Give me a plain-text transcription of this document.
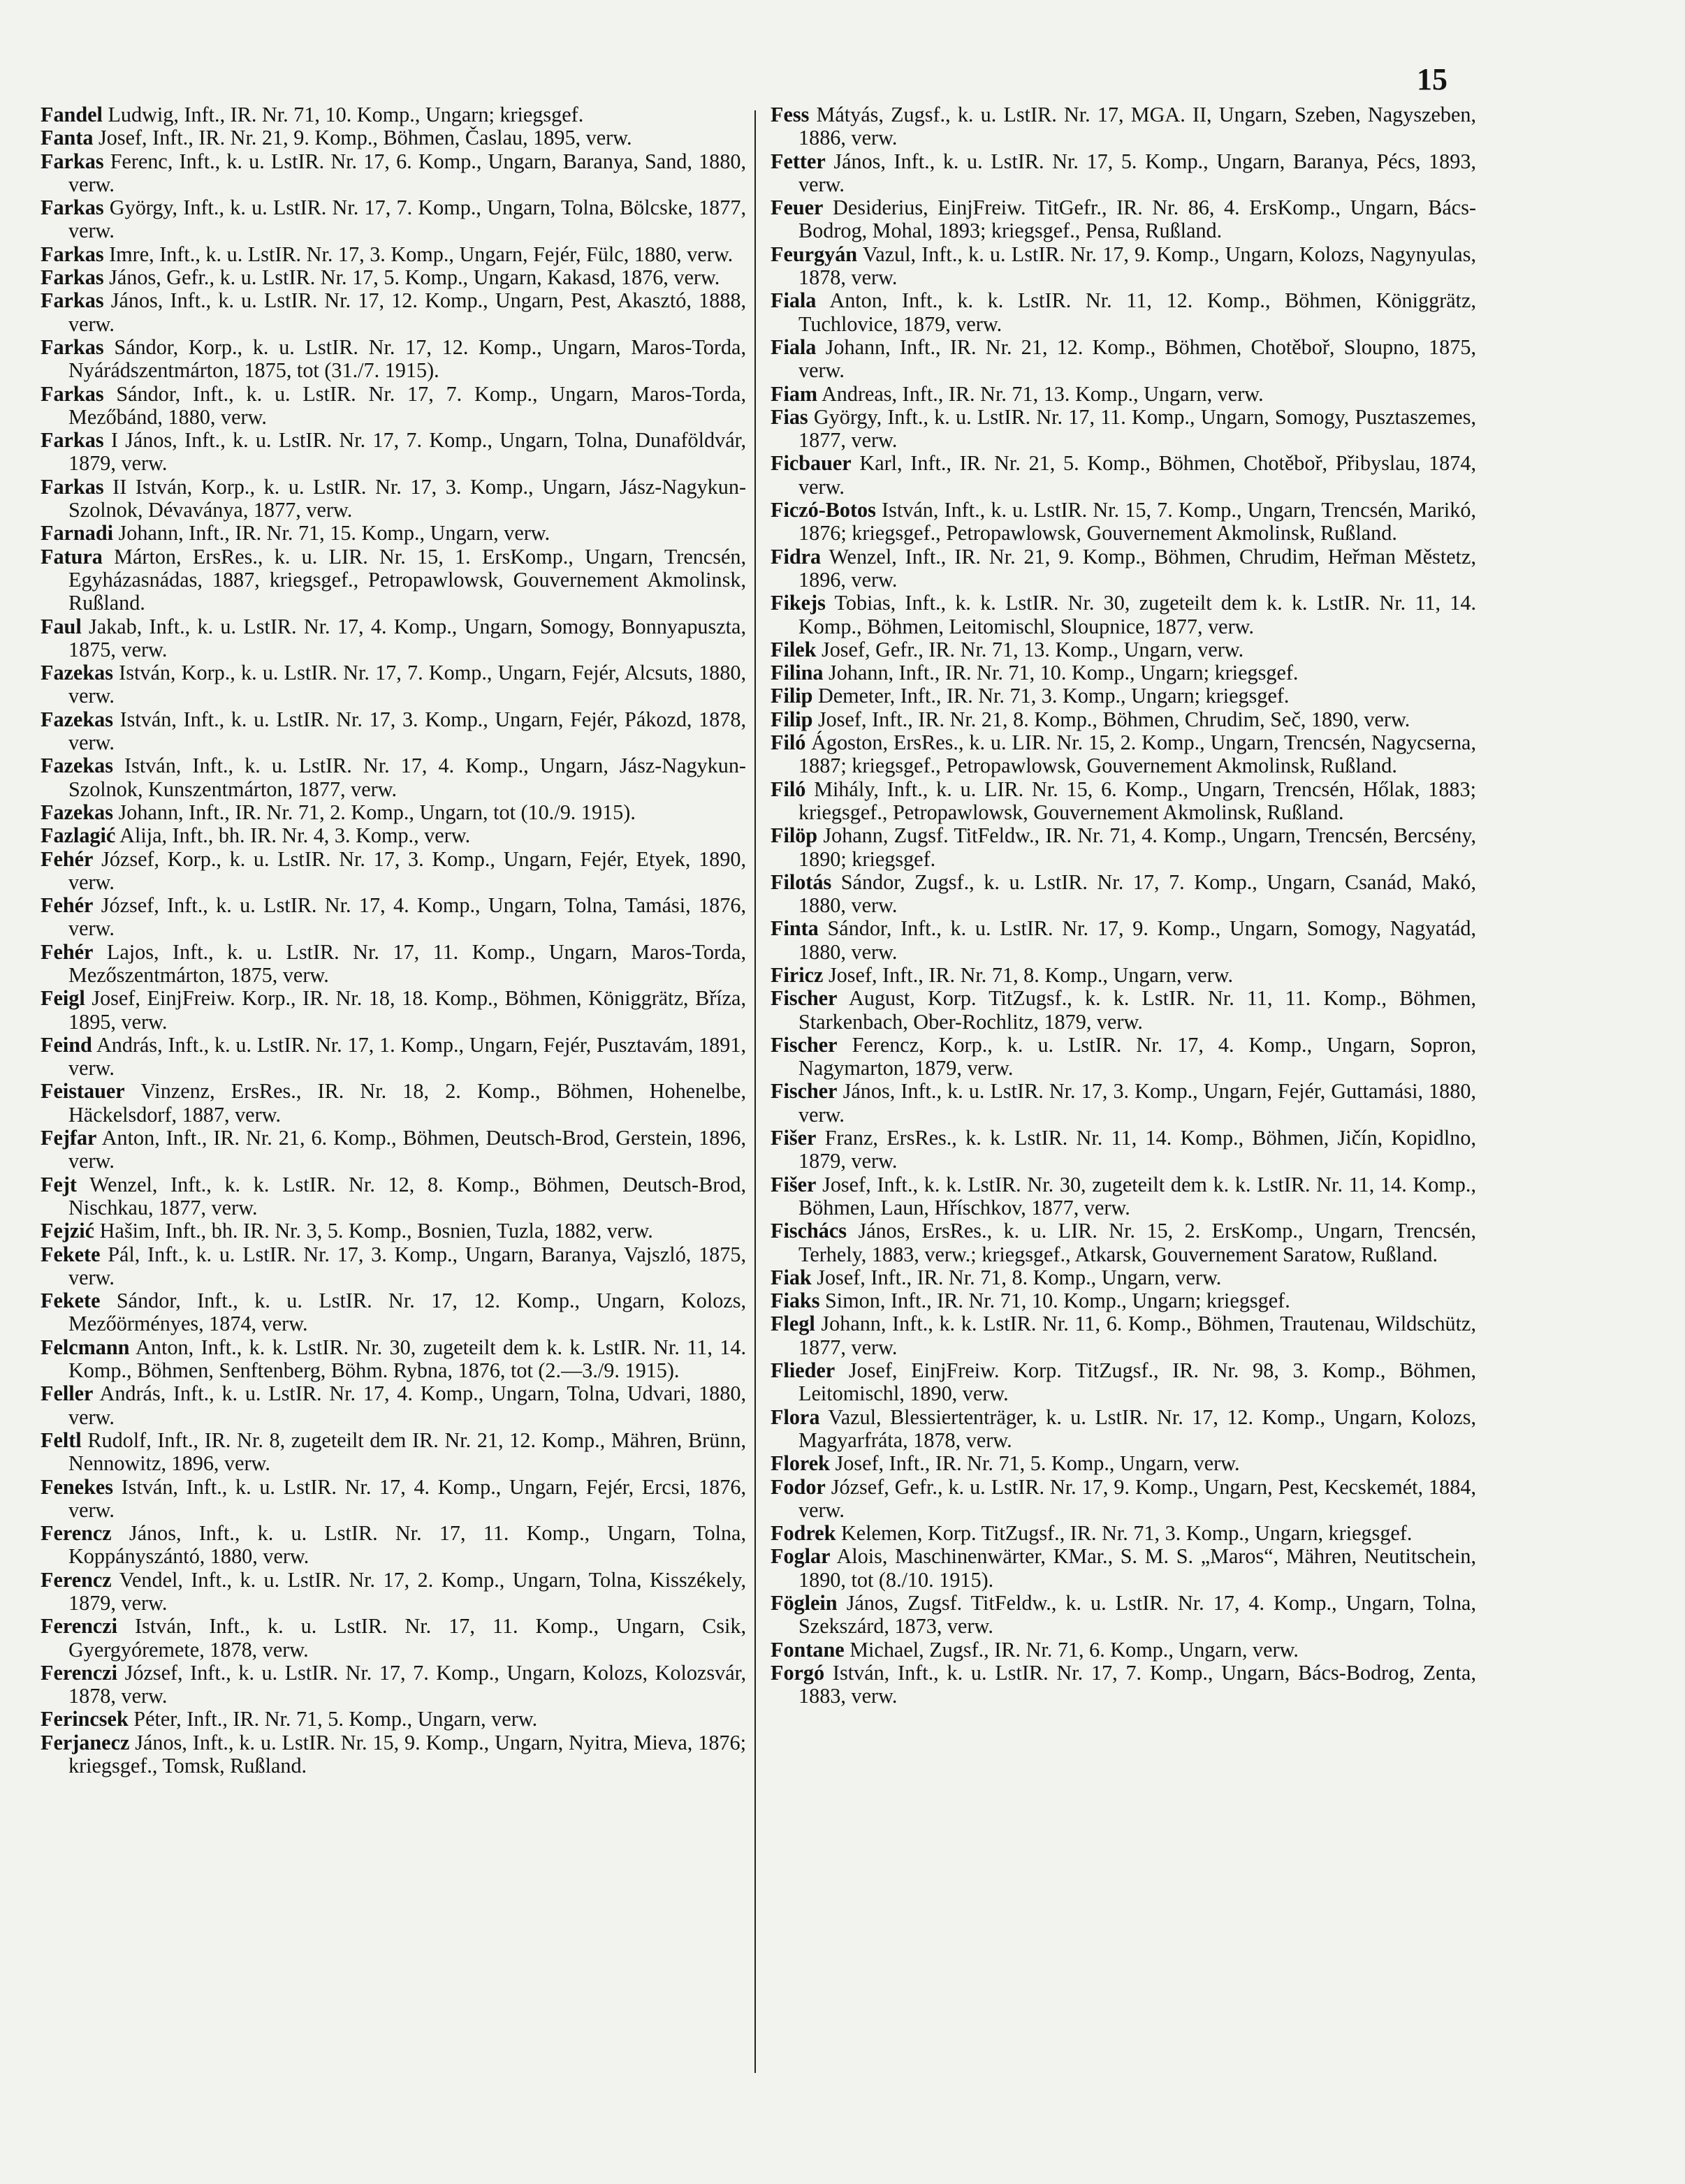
15
Fandel Ludwig, Inft., IR. Nr. 71, 10. Komp., Ungarn; kriegsgef.
Fanta Josef, Inft., IR. Nr. 21, 9. Komp., Böhmen, Časlau, 1895, verw.
Farkas Ferenc, Inft., k. u. LstIR. Nr. 17, 6. Komp., Ungarn, Baranya, Sand, 1880, verw.
Farkas György, Inft., k. u. LstIR. Nr. 17, 7. Komp., Ungarn, Tolna, Bölcske, 1877, verw.
Farkas Imre, Inft., k. u. LstIR. Nr. 17, 3. Komp., Ungarn, Fejér, Fülc, 1880, verw.
Farkas János, Gefr., k. u. LstIR. Nr. 17, 5. Komp., Ungarn, Kakasd, 1876, verw.
Farkas János, Inft., k. u. LstIR. Nr. 17, 12. Komp., Ungarn, Pest, Akasztó, 1888, verw.
Farkas Sándor, Korp., k. u. LstIR. Nr. 17, 12. Komp., Ungarn, Maros-Torda, Nyárádszentmárton, 1875, tot (31./7. 1915).
Farkas Sándor, Inft., k. u. LstIR. Nr. 17, 7. Komp., Ungarn, Maros-Torda, Mezőbánd, 1880, verw.
Farkas I János, Inft., k. u. LstIR. Nr. 17, 7. Komp., Ungarn, Tolna, Dunaföldvár, 1879, verw.
Farkas II István, Korp., k. u. LstIR. Nr. 17, 3. Komp., Ungarn, Jász-Nagykun-Szolnok, Dévaványa, 1877, verw.
Farnadi Johann, Inft., IR. Nr. 71, 15. Komp., Ungarn, verw.
Fatura Márton, ErsRes., k. u. LIR. Nr. 15, 1. ErsKomp., Ungarn, Trencsén, Egyházasnádas, 1887, kriegsgef., Petropawlowsk, Gouvernement Akmolinsk, Rußland.
Faul Jakab, Inft., k. u. LstIR. Nr. 17, 4. Komp., Ungarn, Somogy, Bonnyapuszta, 1875, verw.
Fazekas István, Korp., k. u. LstIR. Nr. 17, 7. Komp., Ungarn, Fejér, Alcsuts, 1880, verw.
Fazekas István, Inft., k. u. LstIR. Nr. 17, 3. Komp., Ungarn, Fejér, Pákozd, 1878, verw.
Fazekas István, Inft., k. u. LstIR. Nr. 17, 4. Komp., Ungarn, Jász-Nagykun-Szolnok, Kunszentmárton, 1877, verw.
Fazekas Johann, Inft., IR. Nr. 71, 2. Komp., Ungarn, tot (10./9. 1915).
Fazlagić Alija, Inft., bh. IR. Nr. 4, 3. Komp., verw.
Fehér József, Korp., k. u. LstIR. Nr. 17, 3. Komp., Ungarn, Fejér, Etyek, 1890, verw.
Fehér József, Inft., k. u. LstIR. Nr. 17, 4. Komp., Ungarn, Tolna, Tamási, 1876, verw.
Fehér Lajos, Inft., k. u. LstIR. Nr. 17, 11. Komp., Ungarn, Maros-Torda, Mezőszentmárton, 1875, verw.
Feigl Josef, EinjFreiw. Korp., IR. Nr. 18, 18. Komp., Böhmen, Königgrätz, Bříza, 1895, verw.
Feind András, Inft., k. u. LstIR. Nr. 17, 1. Komp., Ungarn, Fejér, Pusztavám, 1891, verw.
Feistauer Vinzenz, ErsRes., IR. Nr. 18, 2. Komp., Böhmen, Hohenelbe, Häckelsdorf, 1887, verw.
Fejfar Anton, Inft., IR. Nr. 21, 6. Komp., Böhmen, Deutsch-Brod, Gerstein, 1896, verw.
Fejt Wenzel, Inft., k. k. LstIR. Nr. 12, 8. Komp., Böhmen, Deutsch-Brod, Nischkau, 1877, verw.
Fejzić Hašim, Inft., bh. IR. Nr. 3, 5. Komp., Bosnien, Tuzla, 1882, verw.
Fekete Pál, Inft., k. u. LstIR. Nr. 17, 3. Komp., Ungarn, Baranya, Vajszló, 1875, verw.
Fekete Sándor, Inft., k. u. LstIR. Nr. 17, 12. Komp., Ungarn, Kolozs, Mezőörményes, 1874, verw.
Felcmann Anton, Inft., k. k. LstIR. Nr. 30, zugeteilt dem k. k. LstIR. Nr. 11, 14. Komp., Böhmen, Senftenberg, Böhm. Rybna, 1876, tot (2.—3./9. 1915).
Feller András, Inft., k. u. LstIR. Nr. 17, 4. Komp., Ungarn, Tolna, Udvari, 1880, verw.
Feltl Rudolf, Inft., IR. Nr. 8, zugeteilt dem IR. Nr. 21, 12. Komp., Mähren, Brünn, Nennowitz, 1896, verw.
Fenekes István, Inft., k. u. LstIR. Nr. 17, 4. Komp., Ungarn, Fejér, Ercsi, 1876, verw.
Ferencz János, Inft., k. u. LstIR. Nr. 17, 11. Komp., Ungarn, Tolna, Koppányszántó, 1880, verw.
Ferencz Vendel, Inft., k. u. LstIR. Nr. 17, 2. Komp., Ungarn, Tolna, Kisszékely, 1879, verw.
Ferenczi István, Inft., k. u. LstIR. Nr. 17, 11. Komp., Ungarn, Csik, Gyergyóremete, 1878, verw.
Ferenczi József, Inft., k. u. LstIR. Nr. 17, 7. Komp., Ungarn, Kolozs, Kolozsvár, 1878, verw.
Ferincsek Péter, Inft., IR. Nr. 71, 5. Komp., Ungarn, verw.
Ferjanecz János, Inft., k. u. LstIR. Nr. 15, 9. Komp., Ungarn, Nyitra, Mieva, 1876; kriegsgef., Tomsk, Rußland.
Fess Mátyás, Zugsf., k. u. LstIR. Nr. 17, MGA. II, Ungarn, Szeben, Nagyszeben, 1886, verw.
Fetter János, Inft., k. u. LstIR. Nr. 17, 5. Komp., Ungarn, Baranya, Pécs, 1893, verw.
Feuer Desiderius, EinjFreiw. TitGefr., IR. Nr. 86, 4. ErsKomp., Ungarn, Bács-Bodrog, Mohal, 1893; kriegsgef., Pensa, Rußland.
Feurgyán Vazul, Inft., k. u. LstIR. Nr. 17, 9. Komp., Ungarn, Kolozs, Nagynyulas, 1878, verw.
Fiala Anton, Inft., k. k. LstIR. Nr. 11, 12. Komp., Böhmen, Königgrätz, Tuchlovice, 1879, verw.
Fiala Johann, Inft., IR. Nr. 21, 12. Komp., Böhmen, Chotěboř, Sloupno, 1875, verw.
Fiam Andreas, Inft., IR. Nr. 71, 13. Komp., Ungarn, verw.
Fias György, Inft., k. u. LstIR. Nr. 17, 11. Komp., Ungarn, Somogy, Pusztaszemes, 1877, verw.
Ficbauer Karl, Inft., IR. Nr. 21, 5. Komp., Böhmen, Chotěboř, Přibyslau, 1874, verw.
Ficzó-Botos István, Inft., k. u. LstIR. Nr. 15, 7. Komp., Ungarn, Trencsén, Marikó, 1876; kriegsgef., Petropawlowsk, Gouvernement Akmolinsk, Rußland.
Fidra Wenzel, Inft., IR. Nr. 21, 9. Komp., Böhmen, Chrudim, Heřman Městetz, 1896, verw.
Fikejs Tobias, Inft., k. k. LstIR. Nr. 30, zugeteilt dem k. k. LstIR. Nr. 11, 14. Komp., Böhmen, Leitomischl, Sloupnice, 1877, verw.
Filek Josef, Gefr., IR. Nr. 71, 13. Komp., Ungarn, verw.
Filina Johann, Inft., IR. Nr. 71, 10. Komp., Ungarn; kriegsgef.
Filip Demeter, Inft., IR. Nr. 71, 3. Komp., Ungarn; kriegsgef.
Filip Josef, Inft., IR. Nr. 21, 8. Komp., Böhmen, Chrudim, Seč, 1890, verw.
Filó Ágoston, ErsRes., k. u. LIR. Nr. 15, 2. Komp., Ungarn, Trencsén, Nagycserna, 1887; kriegsgef., Petropawlowsk, Gouvernement Akmolinsk, Rußland.
Filó Mihály, Inft., k. u. LIR. Nr. 15, 6. Komp., Ungarn, Trencsén, Hőlak, 1883; kriegsgef., Petropawlowsk, Gouvernement Akmolinsk, Rußland.
Filöp Johann, Zugsf. TitFeldw., IR. Nr. 71, 4. Komp., Ungarn, Trencsén, Bercsény, 1890; kriegsgef.
Filotás Sándor, Zugsf., k. u. LstIR. Nr. 17, 7. Komp., Ungarn, Csanád, Makó, 1880, verw.
Finta Sándor, Inft., k. u. LstIR. Nr. 17, 9. Komp., Ungarn, Somogy, Nagyatád, 1880, verw.
Firicz Josef, Inft., IR. Nr. 71, 8. Komp., Ungarn, verw.
Fischer August, Korp. TitZugsf., k. k. LstIR. Nr. 11, 11. Komp., Böhmen, Starkenbach, Ober-Rochlitz, 1879, verw.
Fischer Ferencz, Korp., k. u. LstIR. Nr. 17, 4. Komp., Ungarn, Sopron, Nagymarton, 1879, verw.
Fischer János, Inft., k. u. LstIR. Nr. 17, 3. Komp., Ungarn, Fejér, Guttamási, 1880, verw.
Fišer Franz, ErsRes., k. k. LstIR. Nr. 11, 14. Komp., Böhmen, Jičín, Kopidlno, 1879, verw.
Fišer Josef, Inft., k. k. LstIR. Nr. 30, zugeteilt dem k. k. LstIR. Nr. 11, 14. Komp., Böhmen, Laun, Hříschkov, 1877, verw.
Fischács János, ErsRes., k. u. LIR. Nr. 15, 2. ErsKomp., Ungarn, Trencsén, Terhely, 1883, verw.; kriegsgef., Atkarsk, Gouvernement Saratow, Rußland.
Fiak Josef, Inft., IR. Nr. 71, 8. Komp., Ungarn, verw.
Fiaks Simon, Inft., IR. Nr. 71, 10. Komp., Ungarn; kriegsgef.
Flegl Johann, Inft., k. k. LstIR. Nr. 11, 6. Komp., Böhmen, Trautenau, Wildschütz, 1877, verw.
Flieder Josef, EinjFreiw. Korp. TitZugsf., IR. Nr. 98, 3. Komp., Böhmen, Leitomischl, 1890, verw.
Flora Vazul, Blessiertenträger, k. u. LstIR. Nr. 17, 12. Komp., Ungarn, Kolozs, Magyarfráta, 1878, verw.
Florek Josef, Inft., IR. Nr. 71, 5. Komp., Ungarn, verw.
Fodor József, Gefr., k. u. LstIR. Nr. 17, 9. Komp., Ungarn, Pest, Kecskemét, 1884, verw.
Fodrek Kelemen, Korp. TitZugsf., IR. Nr. 71, 3. Komp., Ungarn, kriegsgef.
Foglar Alois, Maschinenwärter, KMar., S. M. S. „Maros“, Mähren, Neutitschein, 1890, tot (8./10. 1915).
Föglein János, Zugsf. TitFeldw., k. u. LstIR. Nr. 17, 4. Komp., Ungarn, Tolna, Szekszárd, 1873, verw.
Fontane Michael, Zugsf., IR. Nr. 71, 6. Komp., Ungarn, verw.
Forgó István, Inft., k. u. LstIR. Nr. 17, 7. Komp., Ungarn, Bács-Bodrog, Zenta, 1883, verw.
